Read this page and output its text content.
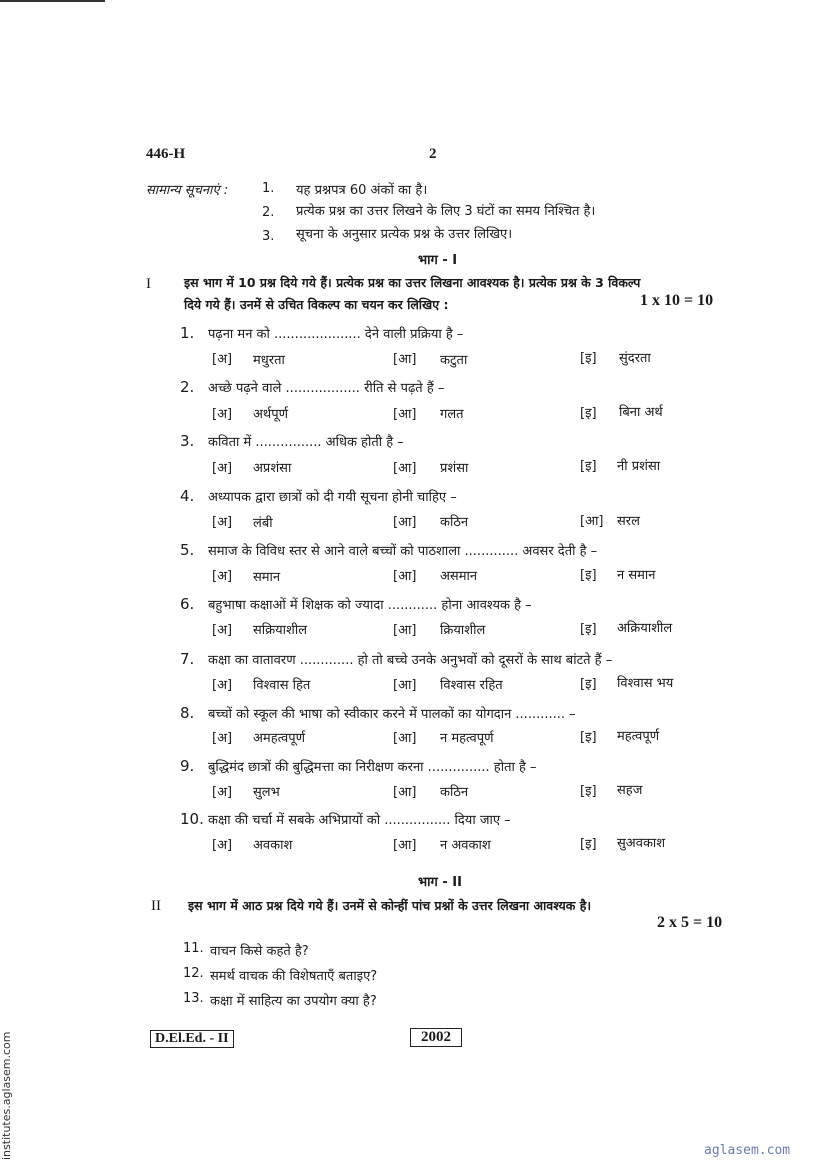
446-H	2
सामान्य सूचनाएं :	1. यह प्रश्नपत्र 60 अंकों का है।
2. प्रत्येक प्रश्न का उत्तर लिखने के लिए 3 घंटों का समय निश्चित है।
3. सूचना के अनुसार प्रत्येक प्रश्न के उत्तर लिखिए।
भाग - I
I	इस भाग में 10 प्रश्न दिये गये हैं। प्रत्येक प्रश्न का उत्तर लिखना आवश्यक है। प्रत्येक प्रश्न के 3 विकल्प
दिये गये हैं। उनमें से उचित विकल्प का चयन कर लिखिए :	1 x 10 = 10
1. पढ़ना मन को ..................... देने वाली प्रक्रिया है –
[अ] मधुरता	[आ] कटुता	[इ] सुंदरता
2. अच्छे पढ़ने वाले .................. रीति से पढ़ते हैं –
[अ] अर्थपूर्ण	[आ] गलत	[इ] बिना अर्थ
3. कविता में ................ अधिक होती है –
[अ] अप्रशंसा	[आ] प्रशंसा	[इ] नी प्रशंसा
4. अध्यापक द्वारा छात्रों को दी गयी सूचना होनी चाहिए –
[अ] लंबी	[आ] कठिन	[आ] सरल
5. समाज के विविध स्तर से आने वाले बच्चों को पाठशाला ............. अवसर देती है –
[अ] समान	[आ] असमान	[इ] न समान
6. बहुभाषा कक्षाओं में शिक्षक को ज्यादा ............ होना आवश्यक है –
[अ] सक्रियाशील	[आ] क्रियाशील	[इ] अक्रियाशील
7. कक्षा का वातावरण ............. हो तो बच्चे उनके अनुभवों को दूसरों के साथ बांटते हैं –
[अ] विश्वास हित	[आ] विश्वास रहित	[इ] विश्वास भय
8. बच्चों को स्कूल की भाषा को स्वीकार करने में पालकों का योगदान ............ –
[अ] अमहत्वपूर्ण	[आ] न महत्वपूर्ण	[इ] महत्वपूर्ण
9. बुद्धिमंद छात्रों की बुद्धिमत्ता का निरीक्षण करना ............... होता है –
[अ] सुलभ	[आ] कठिन	[इ] सहज
10. कक्षा की चर्चा में सबके अभिप्रायों को ................ दिया जाए –
[अ] अवकाश	[आ] न अवकाश	[इ] सुअवकाश
भाग - II
II इस भाग में आठ प्रश्न दिये गये हैं। उनमें से कोन्हीं पांच प्रश्नों के उत्तर लिखना आवश्यक है।
2 x 5 = 10
11. वाचन किसे कहते है?
12. समर्थ वाचक की विशेषताएँ बताइए?
13. कक्षा में साहित्य का उपयोग क्या है?
D.El.Ed. - II	2002
aglasem.com
institutes.aglasem.com
